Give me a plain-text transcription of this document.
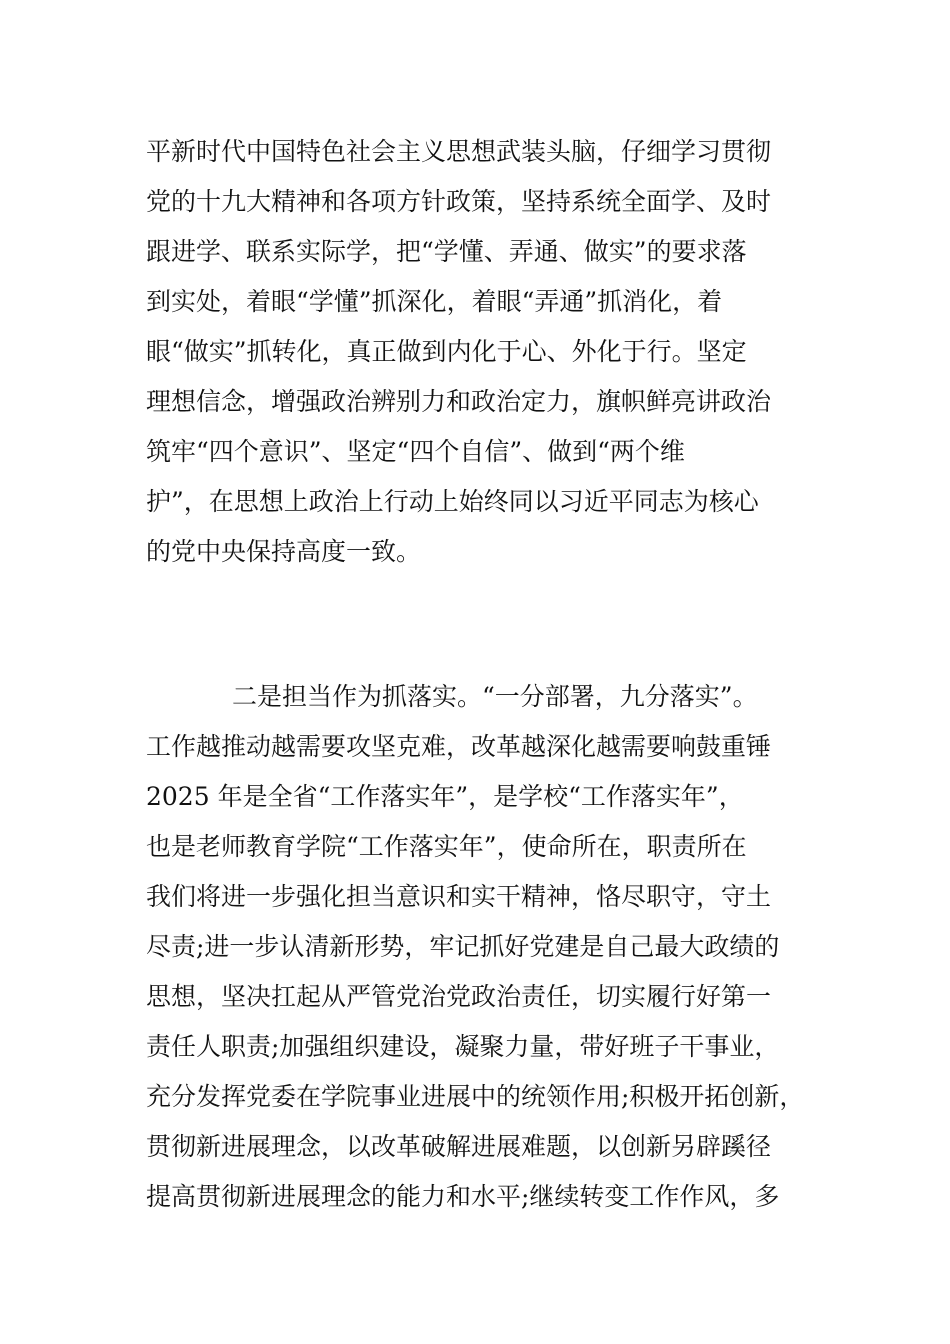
平新时代中国特色社会主义思想武装头脑，仔细学习贯彻
党的十九大精神和各项方针政策，坚持系统全面学、及时
跟进学、联系实际学，把“学懂、弄通、做实”的要求落
到实处，着眼“学懂”抓深化，着眼“弄通”抓消化，着
眼“做实”抓转化，真正做到内化于心、外化于行。坚定
理想信念，增强政治辨别力和政治定力，旗帜鲜亮讲政治
筑牢“四个意识”、坚定“四个自信”、做到“两个维
护”，在思想上政治上行动上始终同以习近平同志为核心
的党中央保持高度一致。
二是担当作为抓落实。“一分部署，九分落实”。
工作越推动越需要攻坚克难，改革越深化越需要响鼓重锤
2025 年是全省“工作落实年”，是学校“工作落实年”，
也是老师教育学院“工作落实年”，使命所在，职责所在
我们将进一步强化担当意识和实干精神，恪尽职守，守土
尽责;进一步认清新形势，牢记抓好党建是自己最大政绩的
思想，坚决扛起从严管党治党政治责任，切实履行好第一
责任人职责;加强组织建设，凝聚力量，带好班子干事业，
充分发挥党委在学院事业进展中的统领作用;积极开拓创新，
贯彻新进展理念，以改革破解进展难题，以创新另辟蹊径
提高贯彻新进展理念的能力和水平;继续转变工作作风，多
